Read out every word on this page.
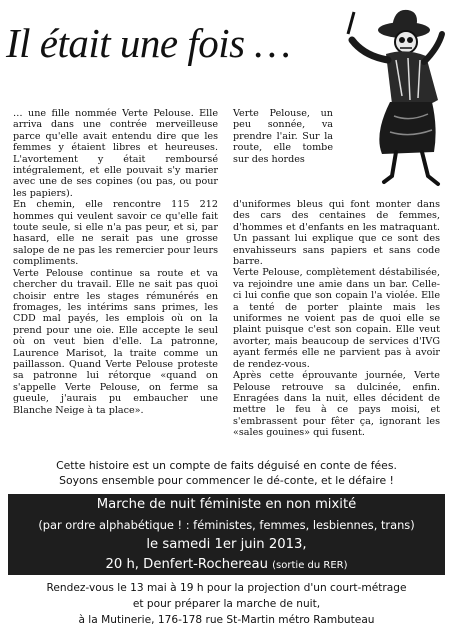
Il était une fois …

… une fille nommée Verte Pelouse. Elle arriva dans une contrée merveilleuse parce qu'elle avait entendu dire que les femmes y étaient libres et heureuses. L'avortement y était remboursé intégralement, et elle pouvait s'y marier avec une de ses copines (ou pas, ou pour les papiers).

En chemin, elle rencontre 115 212 hommes qui veulent savoir ce qu'elle fait toute seule, si elle n'a pas peur, et si, par hasard, elle ne serait pas une grosse salope de ne pas les remercier pour leurs compliments.

Verte Pelouse continue sa route et va chercher du travail. Elle ne sait pas quoi choisir entre les stages rémunérés en fromages, les intérims sans primes, les CDD mal payés, les emplois où on la prend pour une oie. Elle accepte le seul où on veut bien d'elle. La patronne, Laurence Marisot, la traite comme un paillasson. Quand Verte Pelouse proteste sa patronne lui rétorque «quand on s'appelle Verte Pelouse, on ferme sa gueule, j'aurais pu embaucher une Blanche Neige à ta place».

Verte Pelouse, un peu sonnée, va prendre l'air. Sur la route, elle tombe sur des hordes

d'uniformes bleus qui font monter dans des cars des centaines de femmes, d'hommes et d'enfants en les matraquant. Un passant lui explique que ce sont des envahisseurs sans papiers et sans code barre.

Verte Pelouse, complètement déstabilisée, va rejoindre une amie dans un bar. Celle-ci lui confie que son copain l'a violée. Elle a tenté de porter plainte mais les uniformes ne voient pas de quoi elle se plaint puisque c'est son copain. Elle veut avorter, mais beaucoup de services d'IVG ayant fermés elle ne parvient pas à avoir de rendez-vous.

Après cette éprouvante journée, Verte Pelouse retrouve sa dulcinée, enfin. Enragées dans la nuit, elles décident de mettre le feu à ce pays moisi, et s'embrassent pour fêter ça, ignorant les «sales gouines» qui fusent.

Cette histoire est un compte de faits déguisé en conte de fées.

Soyons ensemble pour commencer le dé-conte, et le défaire !

Marche de nuit féministe en non mixité

(par ordre alphabétique ! : féministes, femmes, lesbiennes, trans)

le samedi 1er juin 2013,

20 h, Denfert-Rochereau (sortie du RER)

Rendez-vous le 13 mai à 19 h pour la projection d'un court-métrage

et pour préparer la marche de nuit,

à la Mutinerie, 176-178 rue St-Martin métro Rambuteau
